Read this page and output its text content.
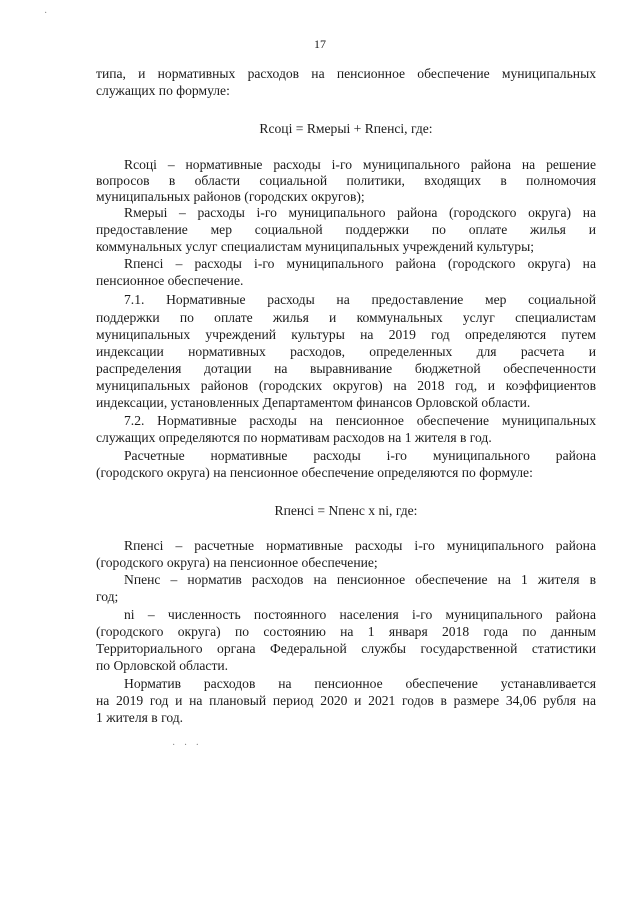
17
типа, и нормативных расходов на пенсионное обеспечение муниципальных
служащих по формуле:
Rсоці = Rмерыі + Rпенсі, где:
Rсоці – нормативные расходы і-го муниципального района на решение
вопросов в области социальной политики, входящих в полномочия
муниципальных районов (городских округов);
Rмерыі – расходы і-го муниципального района (городского округа) на
предоставление мер социальной поддержки по оплате жилья и
коммунальных услуг специалистам муниципальных учреждений культуры;
Rпенсі – расходы і-го муниципального района (городского округа) на
пенсионное обеспечение.
7.1. Нормативные расходы на предоставление мер социальной
поддержки по оплате жилья и коммунальных услуг специалистам
муниципальных учреждений культуры на 2019 год определяются путем
индексации нормативных расходов, определенных для расчета и
распределения дотации на выравнивание бюджетной обеспеченности
муниципальных районов (городских округов) на 2018 год, и коэффициентов
индексации, установленных Департаментом финансов Орловской области.
7.2. Нормативные расходы на пенсионное обеспечение муниципальных
служащих определяются по нормативам расходов на 1 жителя в год.
Расчетные нормативные расходы і-го муниципального района
(городского округа) на пенсионное обеспечение определяются по формуле:
Rпенсі = Nпенс x nі, где:
Rпенсі – расчетные нормативные расходы і-го муниципального района
(городского округа) на пенсионное обеспечение;
Nпенс – норматив расходов на пенсионное обеспечение на 1 жителя в
год;
nі – численность постоянного населения і-го муниципального района
(городского округа) по состоянию на 1 января 2018 года по данным
Территориального органа Федеральной службы государственной статистики
по Орловской области.
Норматив расходов на пенсионное обеспечение устанавливается
на 2019 год и на плановый период 2020 и 2021 годов в размере 34,06 рубля на
1 жителя в год.
·
· · ·
